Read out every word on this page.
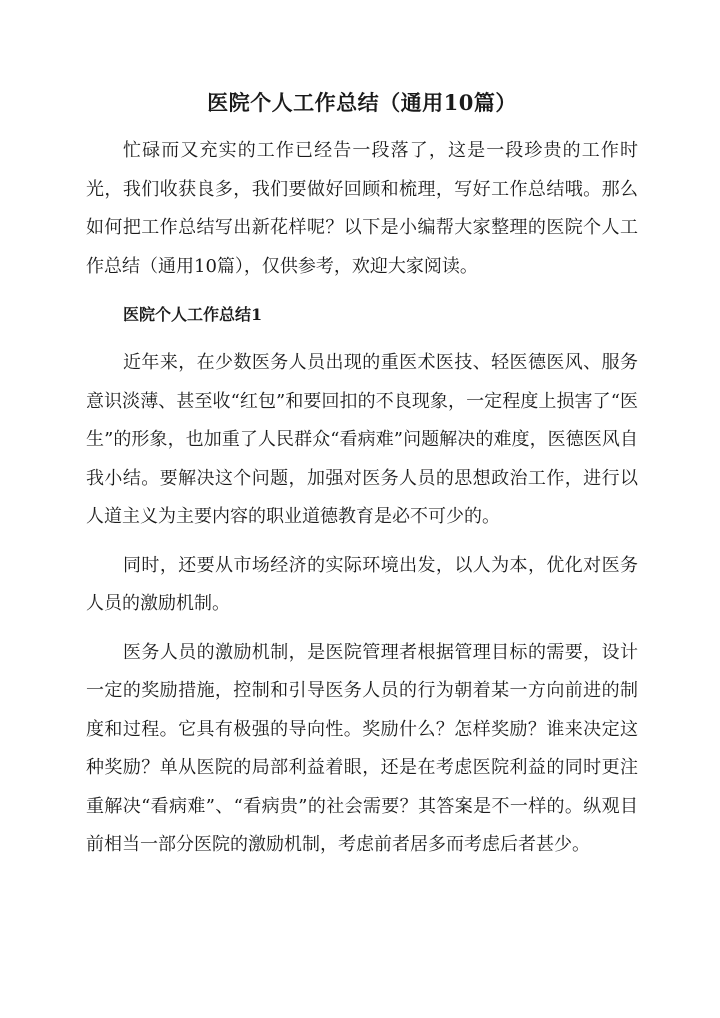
医院个人工作总结（通用10篇）

忙碌而又充实的工作已经告一段落了，这是一段珍贵的工作时光，我们收获良多，我们要做好回顾和梳理，写好工作总结哦。那么如何把工作总结写出新花样呢？以下是小编帮大家整理的医院个人工作总结（通用10篇），仅供参考，欢迎大家阅读。

医院个人工作总结1

近年来，在少数医务人员出现的重医术医技、轻医德医风、服务意识淡薄、甚至收“红包”和要回扣的不良现象，一定程度上损害了“医生”的形象，也加重了人民群众“看病难”问题解决的难度，医德医风自我小结。要解决这个问题，加强对医务人员的思想政治工作，进行以人道主义为主要内容的职业道德教育是必不可少的。

同时，还要从市场经济的实际环境出发，以人为本，优化对医务人员的激励机制。

医务人员的激励机制，是医院管理者根据管理目标的需要，设计一定的奖励措施，控制和引导医务人员的行为朝着某一方向前进的制度和过程。它具有极强的导向性。奖励什么？怎样奖励？谁来决定这种奖励？单从医院的局部利益着眼，还是在考虑医院利益的同时更注重解决“看病难”、“看病贵”的社会需要？其答案是不一样的。纵观目前相当一部分医院的激励机制，考虑前者居多而考虑后者甚少。
